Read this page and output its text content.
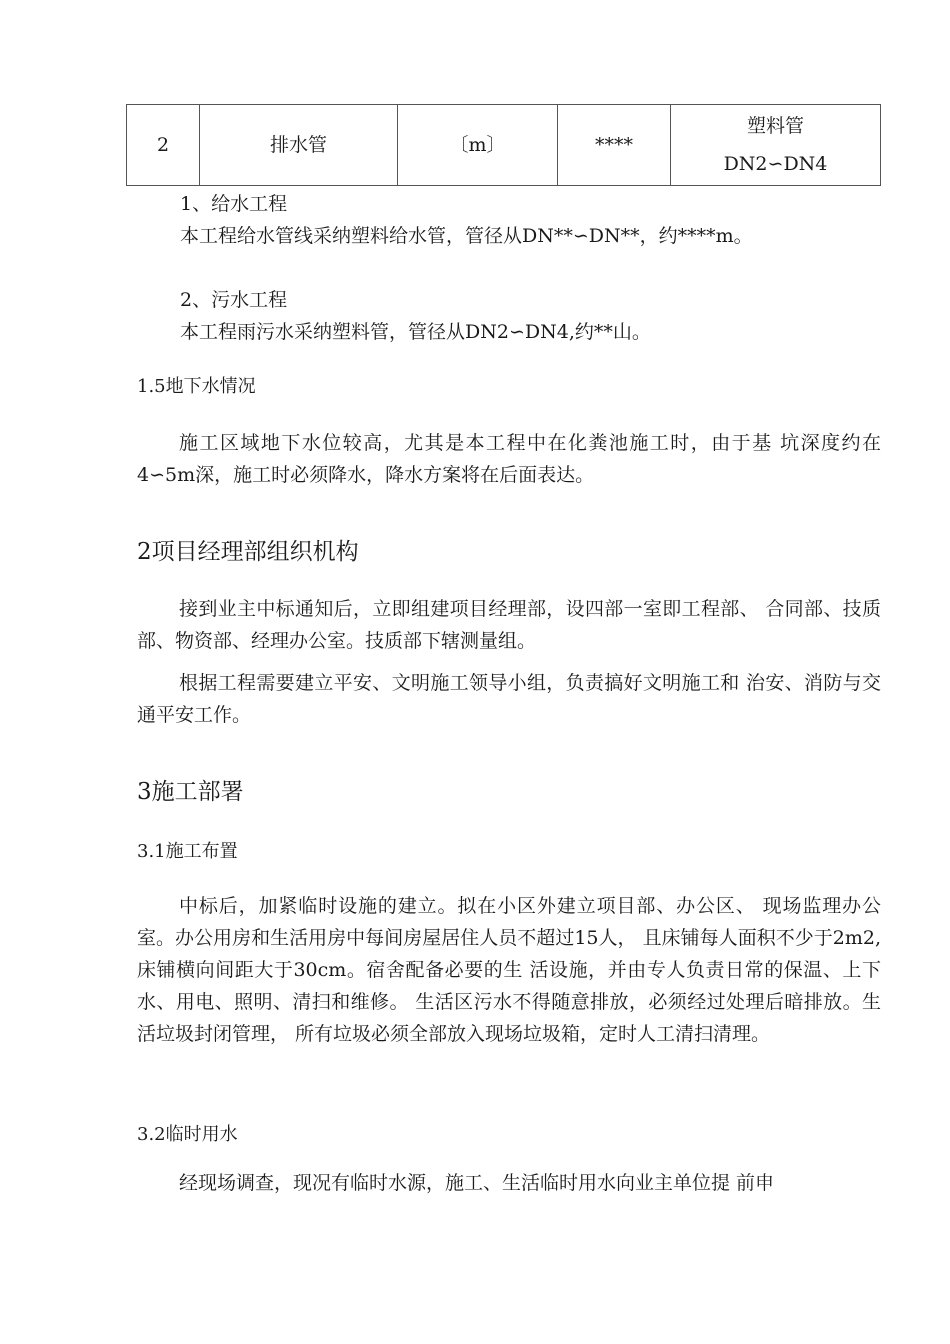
2	排水管	〔m〕	****	
塑料管
DN2∽DN4
1、给水工程
本工程给水管线采纳塑料给水管，管径从DN**∽DN**，约****m。
2、污水工程
本工程雨污水采纳塑料管，管径从DN2∽DN4,约**山。
1.5地下水情况

施工区域地下水位较高，尤其是本工程中在化粪池施工时，由于基 坑深度约在4∽5m深，施工时必须降水，降水方案将在后面表达。

2项目经理部组织机构

接到业主中标通知后，立即组建项目经理部，设四部一室即工程部、 合同部、技质部、物资部、经理办公室。技质部下辖测量组。

根据工程需要建立平安、文明施工领导小组，负责搞好文明施工和 治安、消防与交通平安工作。

3施工部署
3.1施工布置

中标后，加紧临时设施的建立。拟在小区外建立项目部、办公区、 现场监理办公室。办公用房和生活用房中每间房屋居住人员不超过15人， 且床铺每人面积不少于2m2,床铺横向间距大于30cm。宿舍配备必要的生 活设施，并由专人负责日常的保温、上下水、用电、照明、清扫和维修。 生活区污水不得随意排放，必须经过处理后暗排放。生活垃圾封闭管理， 所有垃圾必须全部放入现场垃圾箱，定时人工清扫清理。

3.2临时用水

经现场调查，现况有临时水源，施工、生活临时用水向业主单位提 前申
